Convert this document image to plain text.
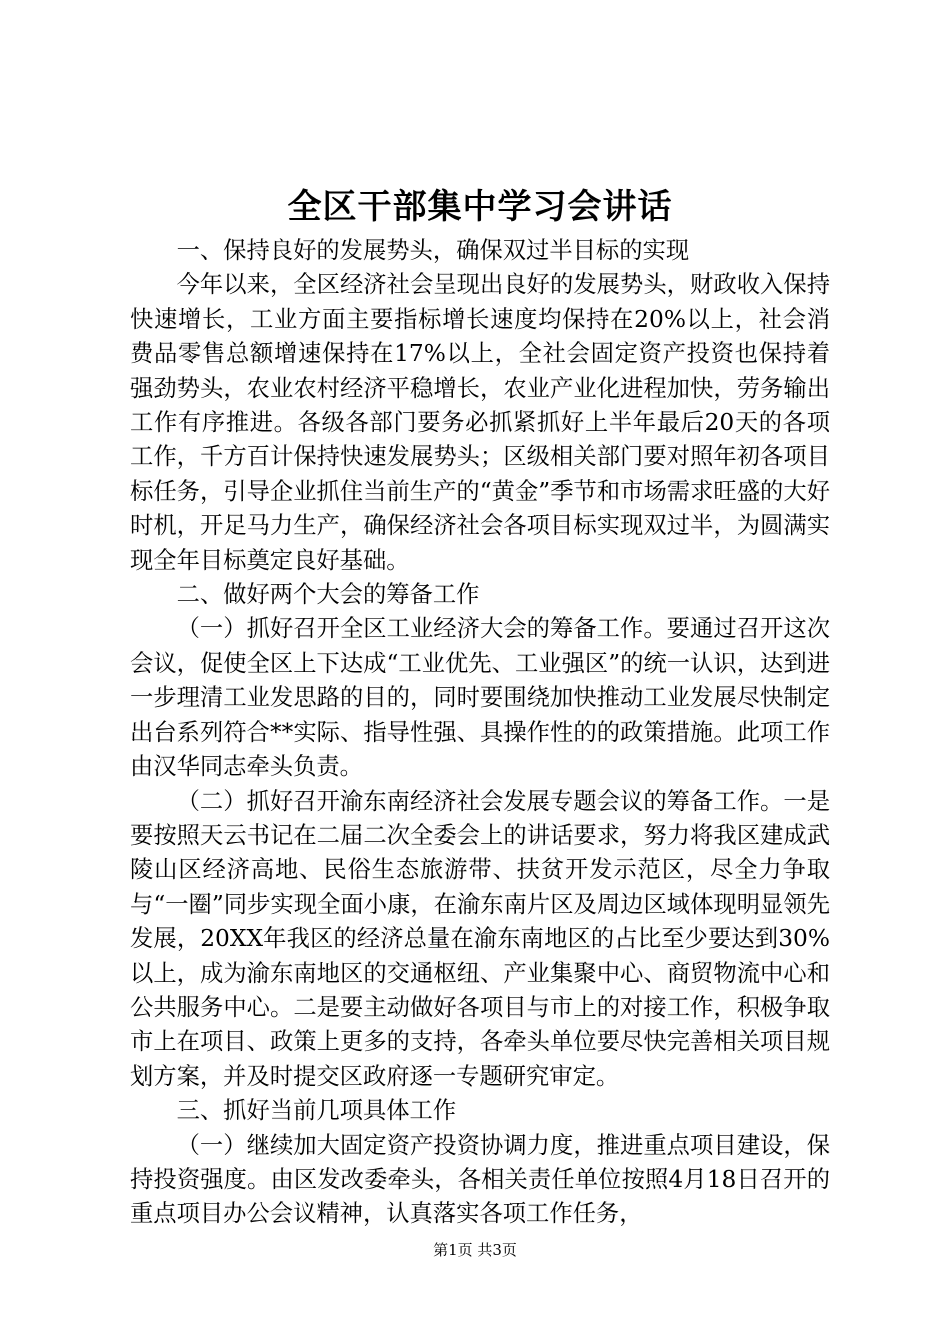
全区干部集中学习会讲话

一、保持良好的发展势头，确保双过半目标的实现

今年以来，全区经济社会呈现出良好的发展势头，财政收入保持快速增长，工业方面主要指标增长速度均保持在20%以上，社会消费品零售总额增速保持在17%以上，全社会固定资产投资也保持着强劲势头，农业农村经济平稳增长，农业产业化进程加快，劳务输出工作有序推进。各级各部门要务必抓紧抓好上半年最后20天的各项工作，千方百计保持快速发展势头；区级相关部门要对照年初各项目标任务，引导企业抓住当前生产的“黄金”季节和市场需求旺盛的大好时机，开足马力生产，确保经济社会各项目标实现双过半，为圆满实现全年目标奠定良好基础。

二、做好两个大会的筹备工作

（一）抓好召开全区工业经济大会的筹备工作。要通过召开这次会议，促使全区上下达成“工业优先、工业强区”的统一认识，达到进一步理清工业发思路的目的，同时要围绕加快推动工业发展尽快制定出台系列符合**实际、指导性强、具操作性的的政策措施。此项工作由汉华同志牵头负责。

（二）抓好召开渝东南经济社会发展专题会议的筹备工作。一是要按照天云书记在二届二次全委会上的讲话要求，努力将我区建成武陵山区经济高地、民俗生态旅游带、扶贫开发示范区，尽全力争取与“一圈”同步实现全面小康，在渝东南片区及周边区域体现明显领先发展，20XX年我区的经济总量在渝东南地区的占比至少要达到30%以上，成为渝东南地区的交通枢纽、产业集聚中心、商贸物流中心和公共服务中心。二是要主动做好各项目与市上的对接工作，积极争取市上在项目、政策上更多的支持，各牵头单位要尽快完善相关项目规划方案，并及时提交区政府逐一专题研究审定。

三、抓好当前几项具体工作

（一）继续加大固定资产投资协调力度，推进重点项目建设，保持投资强度。由区发改委牵头，各相关责任单位按照4月18日召开的重点项目办公会议精神，认真落实各项工作任务，

第1页 共3页
